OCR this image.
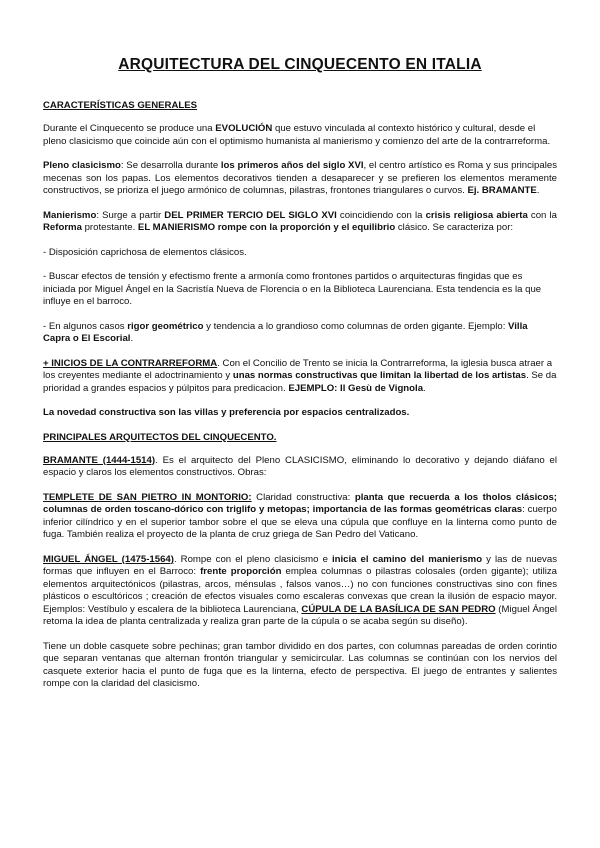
ARQUITECTURA DEL CINQUECENTO EN ITALIA
CARACTERÍSTICAS GENERALES

Durante el Cinquecento se produce una EVOLUCIÓN que estuvo vinculada al contexto histórico y cultural, desde el pleno clasicismo que coincide aún con el optimismo humanista al manierismo y comienzo del arte de la contrarreforma.

Pleno clasicismo: Se desarrolla durante los primeros años del siglo XVI, el centro artístico es Roma y sus principales mecenas son los papas. Los elementos decorativos tienden a desaparecer y se prefieren los elementos meramente constructivos, se prioriza el juego armónico de columnas, pilastras, frontones triangulares o curvos. Ej. BRAMANTE.

Manierismo: Surge a partir DEL PRIMER TERCIO DEL SIGLO XVI coincidiendo con la crisis religiosa abierta con la Reforma protestante. EL MANIERISMO rompe con la proporción y el equilibrio clásico. Se caracteriza por:

- Disposición caprichosa de elementos clásicos.

- Buscar efectos de tensión y efectismo frente a armonía como frontones partidos o arquitecturas fingidas que es iniciada por Miguel Ángel en la Sacristía Nueva de Florencia o en la Biblioteca Laurenciana. Esta tendencia es la que influye en el barroco.

- En algunos casos rigor geométrico y tendencia a lo grandioso como columnas de orden gigante. Ejemplo: Villa Capra o El Escorial.

+ INICIOS DE LA CONTRARREFORMA. Con el Concilio de Trento se inicia la Contrarreforma, la iglesia busca atraer a los creyentes mediante el adoctrinamiento y unas normas constructivas que limitan la libertad de los artistas. Se da prioridad a grandes espacios y púlpitos para predicacion. EJEMPLO: Il Gesù de Vignola.

La novedad constructiva son las villas y preferencia por espacios centralizados.

PRINCIPALES ARQUITECTOS DEL CINQUECENTO.

BRAMANTE (1444-1514). Es el arquitecto del Pleno CLASICISMO, eliminando lo decorativo y dejando diáfano el espacio y claros los elementos constructivos. Obras:

TEMPLETE DE SAN PIETRO IN MONTORIO: Claridad constructiva: planta que recuerda a los tholos clásicos; columnas de orden toscano-dórico con triglifo y metopas; importancia de las formas geométricas claras: cuerpo inferior cilíndrico y en el superior tambor sobre el que se eleva una cúpula que confluye en la linterna como punto de fuga. También realiza el proyecto de la planta de cruz griega de San Pedro del Vaticano.

MIGUEL ÁNGEL (1475-1564). Rompe con el pleno clasicismo e inicia el camino del manierismo y las de nuevas formas que influyen en el Barroco: frente proporción emplea columnas o pilastras colosales (orden gigante); utiliza elementos arquitectónicos (pilastras, arcos, ménsulas , falsos vanos…) no con funciones constructivas sino con fines plásticos o escultóricos ; creación de efectos visuales como escaleras convexas que crean la ilusión de espacio mayor. Ejemplos: Vestíbulo y escalera de la biblioteca Laurenciana, CÚPULA DE LA BASÍLICA DE SAN PEDRO (Miguel Ángel retoma la idea de planta centralizada y realiza gran parte de la cúpula o se acaba según su diseño).

Tiene un doble casquete sobre pechinas; gran tambor dividido en dos partes, con columnas pareadas de orden corintio que separan ventanas que alternan frontón triangular y semicircular. Las columnas se continúan con los nervios del casquete exterior hacia el punto de fuga que es la linterna, efecto de perspectiva. El juego de entrantes y salientes rompe con la claridad del clasicismo.
